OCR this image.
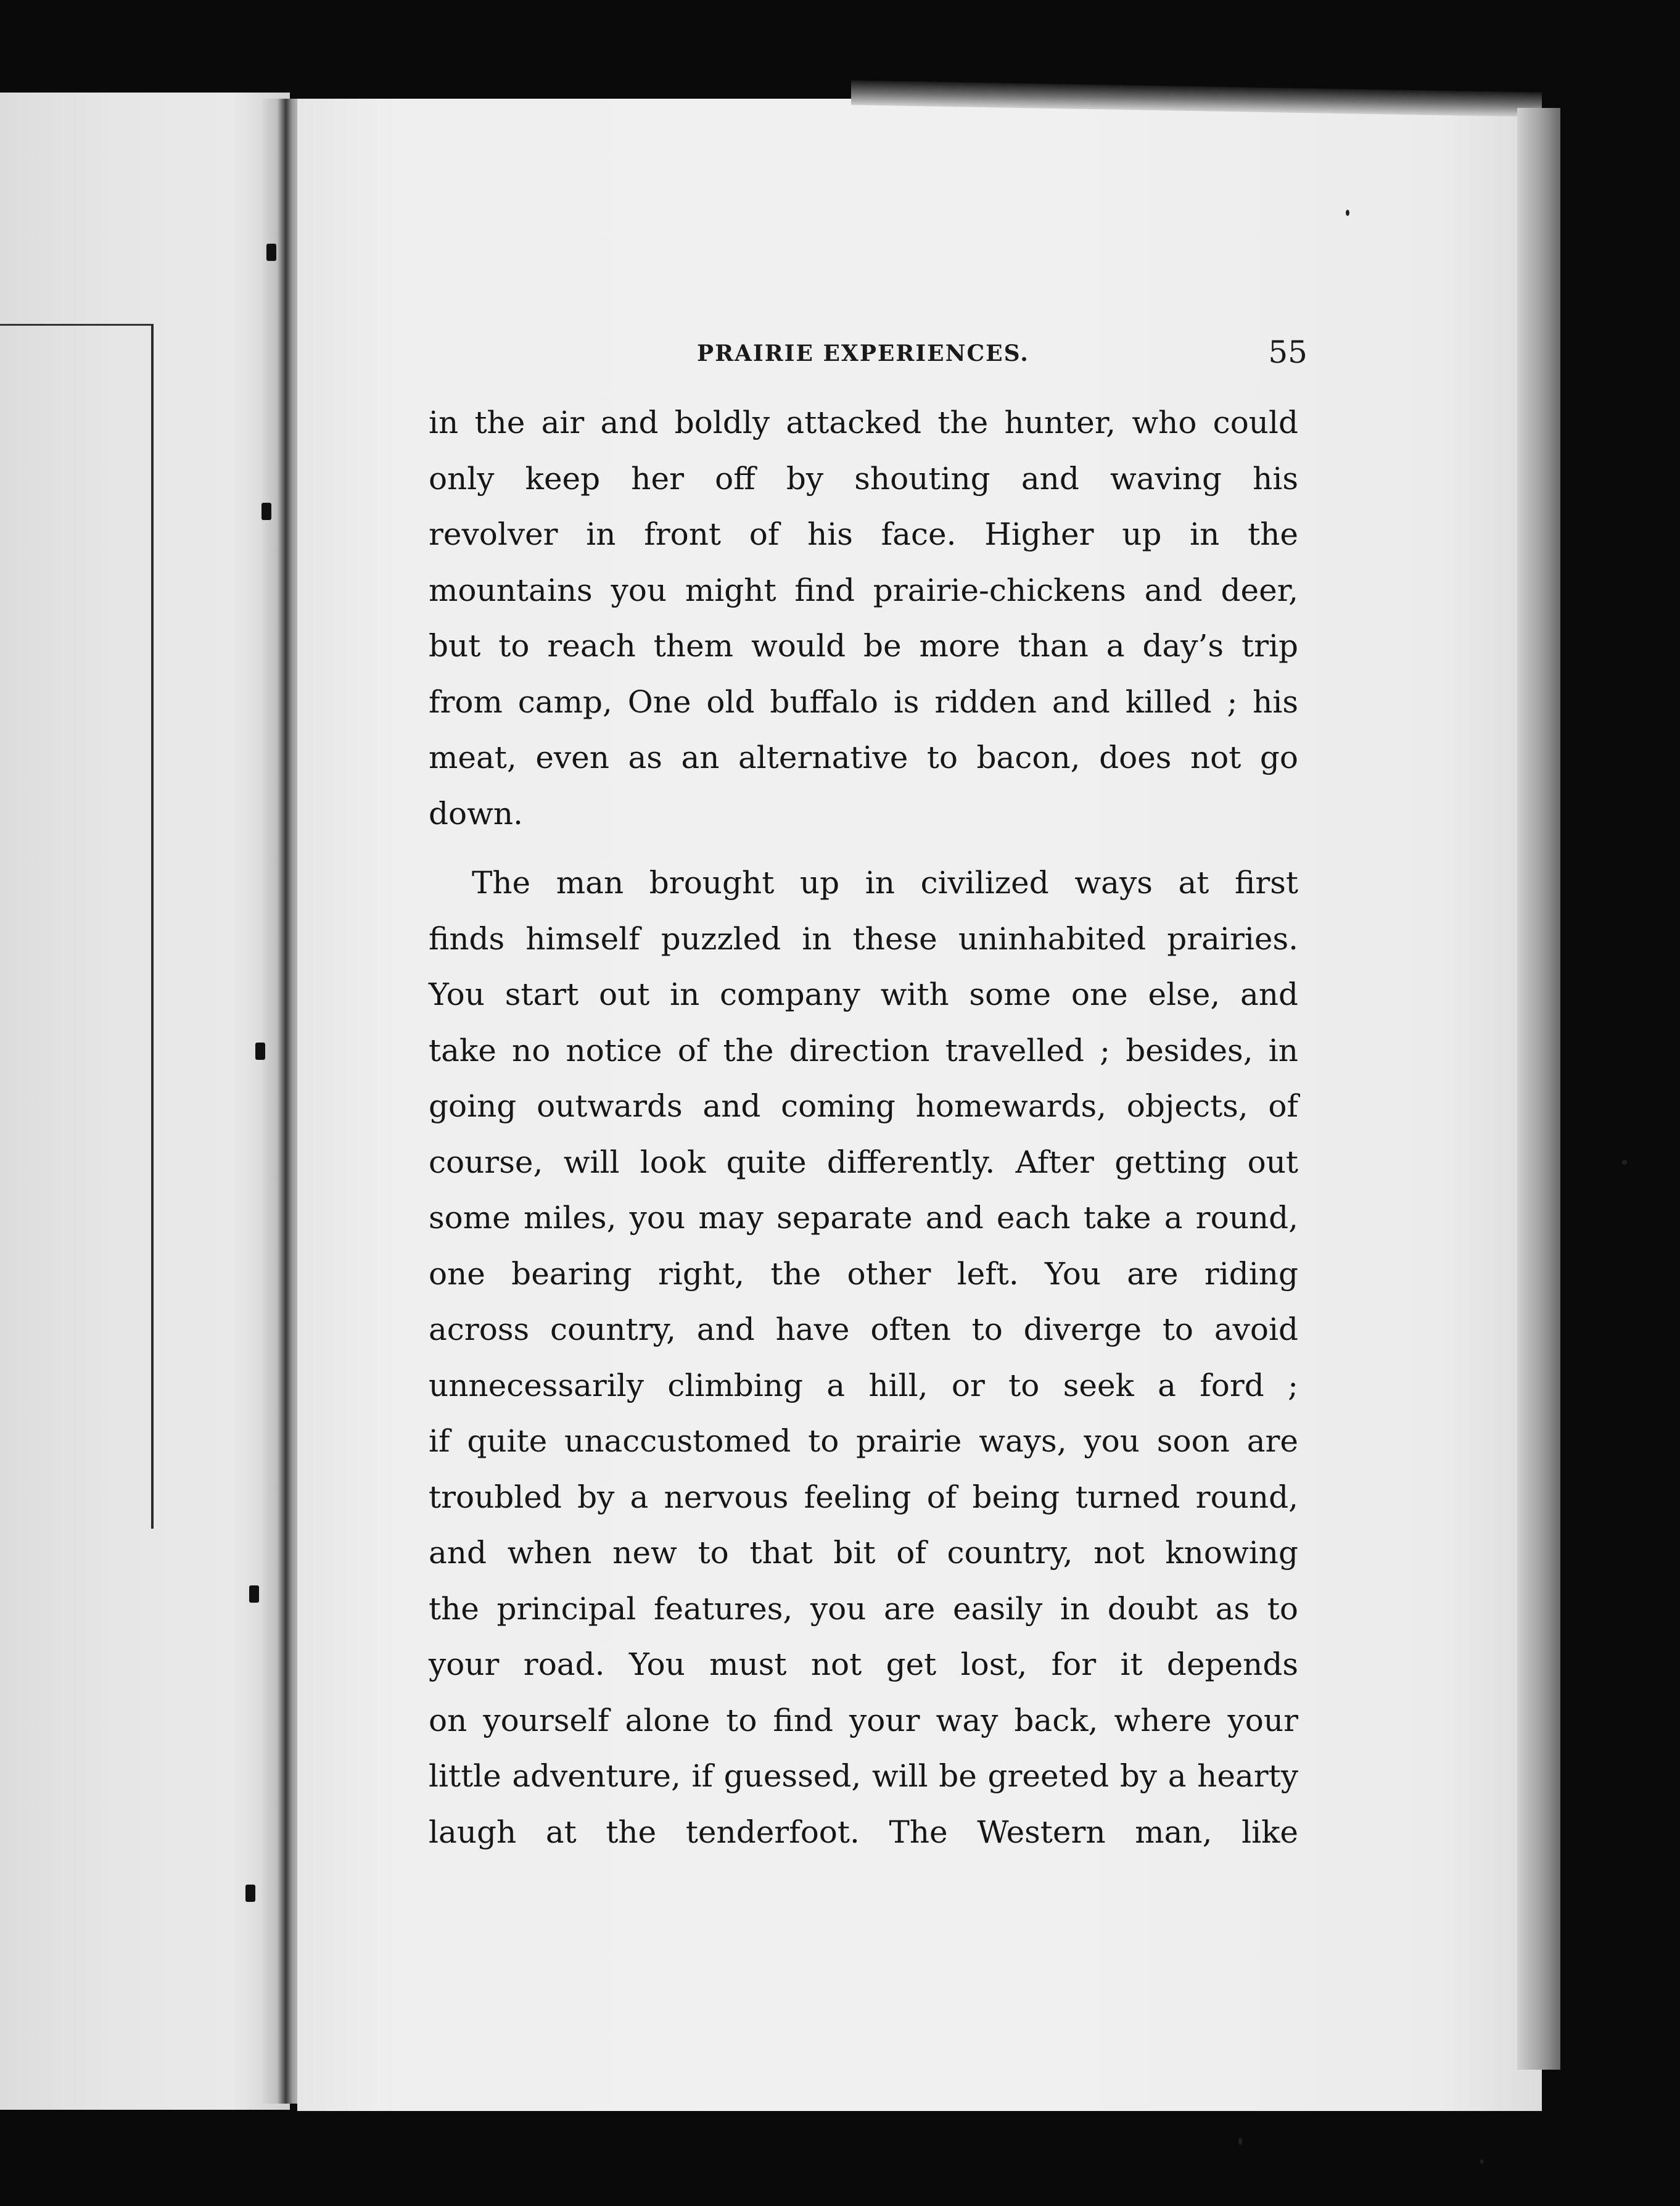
PRAIRIE EXPERIENCES.	55
in the air and boldly attacked the hunter, who could
only keep her off by shouting and waving his
revolver in front of his face. Higher up in the
mountains you might find prairie-chickens and deer,
but to reach them would be more than a day’s trip
from camp, One old buffalo is ridden and killed ; his
meat, even as an alternative to bacon, does not go
down.
The man brought up in civilized ways at first
finds himself puzzled in these uninhabited prairies.
You start out in company with some one else, and
take no notice of the direction travelled ; besides, in
going outwards and coming homewards, objects, of
course, will look quite differently. After getting out
some miles, you may separate and each take a round,
one bearing right, the other left. You are riding
across country, and have often to diverge to avoid
unnecessarily climbing a hill, or to seek a ford ;
if quite unaccustomed to prairie ways, you soon are
troubled by a nervous feeling of being turned round,
and when new to that bit of country, not knowing
the principal features, you are easily in doubt as to
your road. You must not get lost, for it depends
on yourself alone to find your way back, where your
little adventure, if guessed, will be greeted by a hearty
laugh at the tenderfoot. The Western man, like
